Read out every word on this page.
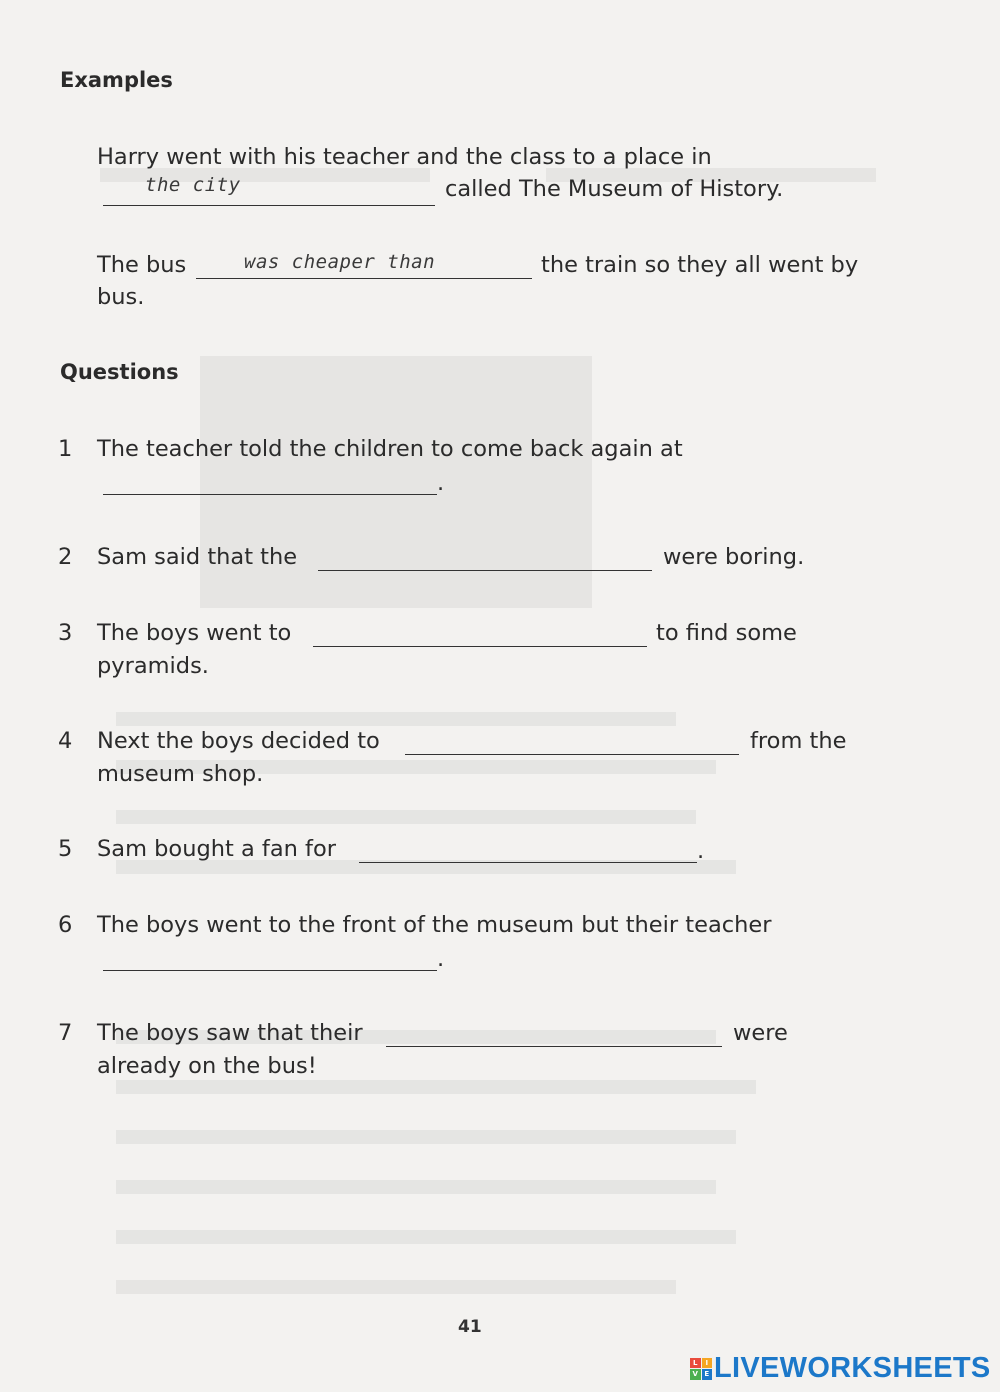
Examples
Harry went with his teacher and the class to a place in
the city	called The Museum of History.
The bus	was cheaper than	the train so they all went by
bus.
Questions
1 The teacher told the children to come back again at
.
2 Sam said that the	were boring.
3 The boys went to	to find some
pyramids.
4 Next the boys decided to	from the
museum shop.
5 Sam bought a fan for	.
6 The boys went to the front of the museum but their teacher
.
7 The boys saw that their	were
already on the bus!
41
L	I
V E LIVEWORKSHEETS
